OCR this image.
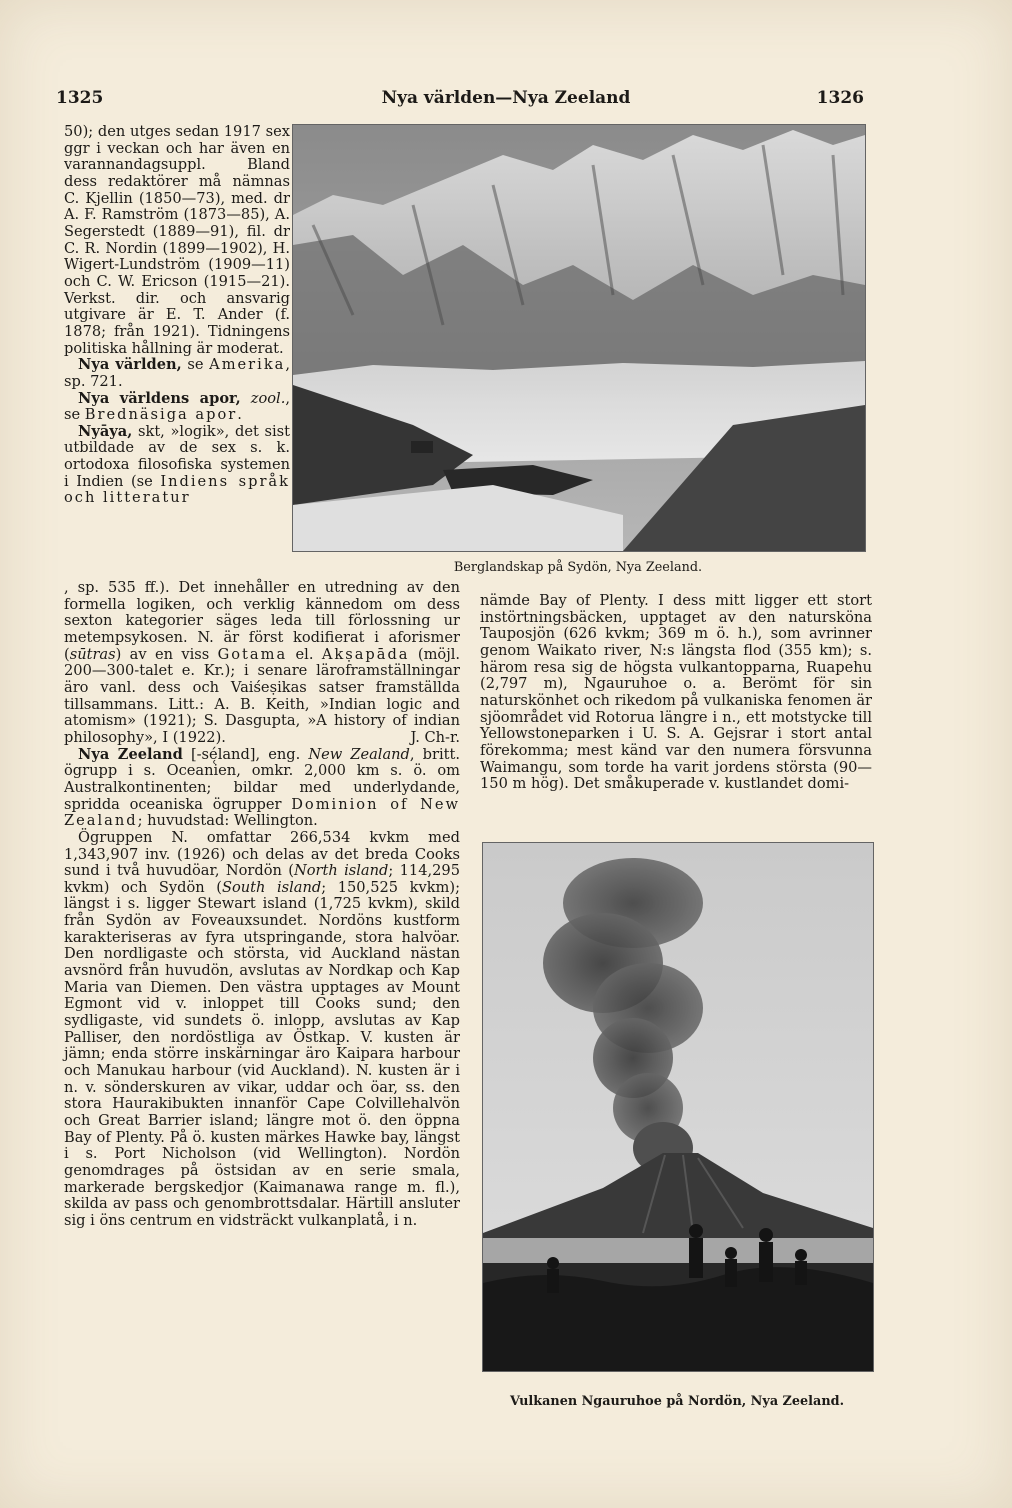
1325	Nya världen—Nya Zeeland	1326

50); den utges sedan 1917 sex ggr i veckan och har även en varannandagsuppl. Bland dess redaktörer må nämnas C. Kjellin (1850—73), med. dr A. F. Ramström (1873—85), A. Segerstedt (1889—91), fil. dr C. R. Nordin (1899—1902), H. Wigert-Lundström (1909—11) och C. W. Ericson (1915—21). Verkst. dir. och ansvarig utgivare är E. T. Ander (f. 1878; från 1921). Tidningens politiska hållning är moderat.

Nya världen, se Amerika, sp. 721.

Nya världens apor, zool., se Brednäsiga apor.

Nyāya, skt, »logik», det sist utbildade av de sex s. k. ortodoxa filosofiska systemen i Indien (se Indiens språk och litteratur

Berglandskap på Sydön, Nya Zeeland.

, sp. 535 ff.). Det innehåller en utredning av den formella logiken, och verklig kännedom om dess sexton kategorier säges leda till förlossning ur metempsykosen. N. är först kodifierat i aforismer (sūtras) av en viss Gotama el. Akṣapāda (möjl. 200—300-talet e. Kr.); i senare lärоframställningar äro vanl. dess och Vaiśeṣikas satser framställda tillsammans. Litt.: A. B. Keith, »Indian logic and atomism» (1921); S. Dasgupta, »A history of indian philosophy», I (1922).	J. Ch-r.

Nya Zeeland [-sé̜land], eng. New Zealand, britt. ögrupp i s. Oceanien, omkr. 2,000 km s. ö. om Australkontinenten; bildar med underlydande, spridda oceaniska ögrupper Dominion of New Zealand; huvudstad: Wellington.

Ögruppen N. omfattar 266,534 kvkm med 1,343,907 inv. (1926) och delas av det breda Cooks sund i två huvudöar, Nordön (North island; 114,295 kvkm) och Sydön (South island; 150,525 kvkm); längst i s. ligger Stewart island (1,725 kvkm), skild från Sydön av Foveauxsundet. Nordöns kustform karakteriseras av fyra utspringande, stora halvöar. Den nordligaste och största, vid Auckland nästan avsnörd från huvudön, avslutas av Nordkap och Kap Maria van Diemen. Den västra upptages av Mount Egmont vid v. inloppet till Cooks sund; den sydligaste, vid sundets ö. inlopp, avslutas av Kap Palliser, den nordöstliga av Östkap. V. kusten är jämn; enda större inskärningar äro Kaipara harbour och Manukau harbour (vid Auckland). N. kusten är i n. v. sönderskuren av vikar, uddar och öar, ss. den stora Haurakibukten innanför Cape Colvillehalvön och Great Barrier island; längre mot ö. den öppna Bay of Plenty. På ö. kusten märkes Hawke bay, längst i s. Port Nicholson (vid Wellington). Nordön genomdrages på östsidan av en serie smala, markerade bergskedjor (Kaimanawa range m. fl.), skilda av pass och genombrottsdalar. Härtill ansluter sig i öns centrum en vidsträckt vulkanplatå, i n.

nämde Bay of Plenty. I dess mitt ligger ett stort instörtningsbäcken, upptaget av den natursköna Tauposjön (626 kvkm; 369 m ö. h.), som avrinner genom Waikato river, N:s längsta flod (355 km); s. härom resa sig de högsta vulkantopparna, Ruapehu (2,797 m), Ngauruhoe o. a. Berömt för sin naturskönhet och rikedom på vulkaniska fenomen är sjöområdet vid Rotorua längre i n., ett motstycke till Yellowstoneparken i U. S. A. Gejsrar i stort antal förekomma; mest känd var den numera försvunna Waimangu, som torde ha varit jordens största (90—150 m hög). Det småkuperade v. kustlandet domi-

Vulkanen Ngauruhoe på Nordön, Nya Zeeland.
